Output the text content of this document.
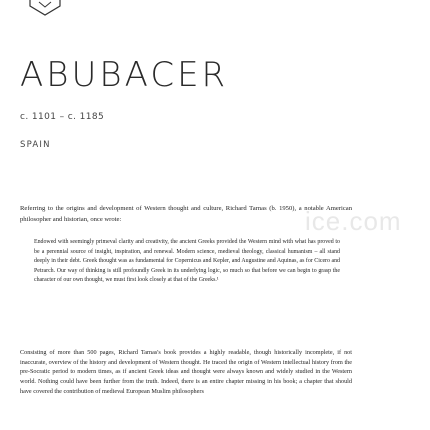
ABUBACER
c. 1101 – c. 1185
SPAIN

Referring to the origins and development of Western thought and culture, Richard Tarnas (b. 1950), a notable American philosopher and historian, once wrote:

Endowed with seemingly primeval clarity and creativity, the ancient Greeks provided the Western mind with what has proved to be a perennial source of insight, inspiration, and renewal. Modern science, medieval theology, classical humanism – all stand deeply in their debt. Greek thought was as fundamental for Copernicus and Kepler, and Augustine and Aquinas, as for Cicero and Petrarch. Our way of thinking is still profoundly Greek in its underlying logic, so much so that before we can begin to grasp the character of our own thought, we must first look closely at that of the Greeks.¹

Consisting of more than 500 pages, Richard Tarnas's book provides a highly readable, though historically incomplete, if not inaccurate, overview of the history and development of Western thought. He traced the origin of Western intellectual history from the pre-Socratic period to modern times, as if ancient Greek ideas and thought were always known and widely studied in the Western world. Nothing could have been further from the truth. Indeed, there is an entire chapter missing in his book; a chapter that should have covered the contribution of medieval European Muslim philosophers

ice.com
